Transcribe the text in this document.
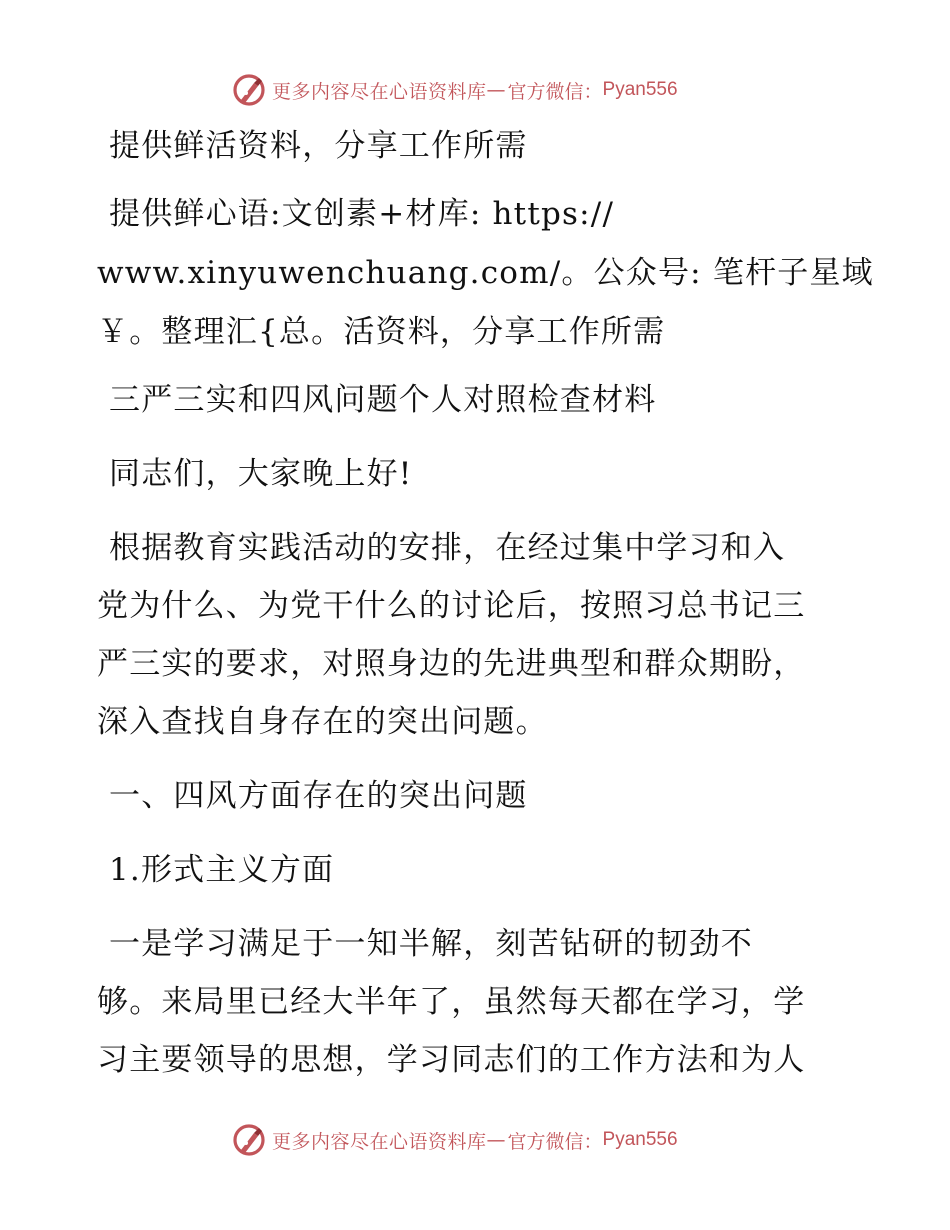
更多内容尽在心语资料库 — 官方微信： Pyan556
提供鲜活资料，分享工作所需
提供鲜心语:文创素+材库: https://
www.xinyuwenchuang.com/。公众号: 笔杆子星域
￥。整理汇{总。活资料，分享工作所需
三严三实和四风问题个人对照检查材料
同志们，大家晚上好!
根据教育实践活动的安排，在经过集中学习和入
党为什么、为党干什么的讨论后，按照习总书记三
严三实的要求，对照身边的先进典型和群众期盼，
深入查找自身存在的突出问题。
一、四风方面存在的突出问题
1.形式主义方面
一是学习满足于一知半解，刻苦钻研的韧劲不
够。来局里已经大半年了，虽然每天都在学习，学
习主要领导的思想，学习同志们的工作方法和为人
更多内容尽在心语资料库 — 官方微信： Pyan556
